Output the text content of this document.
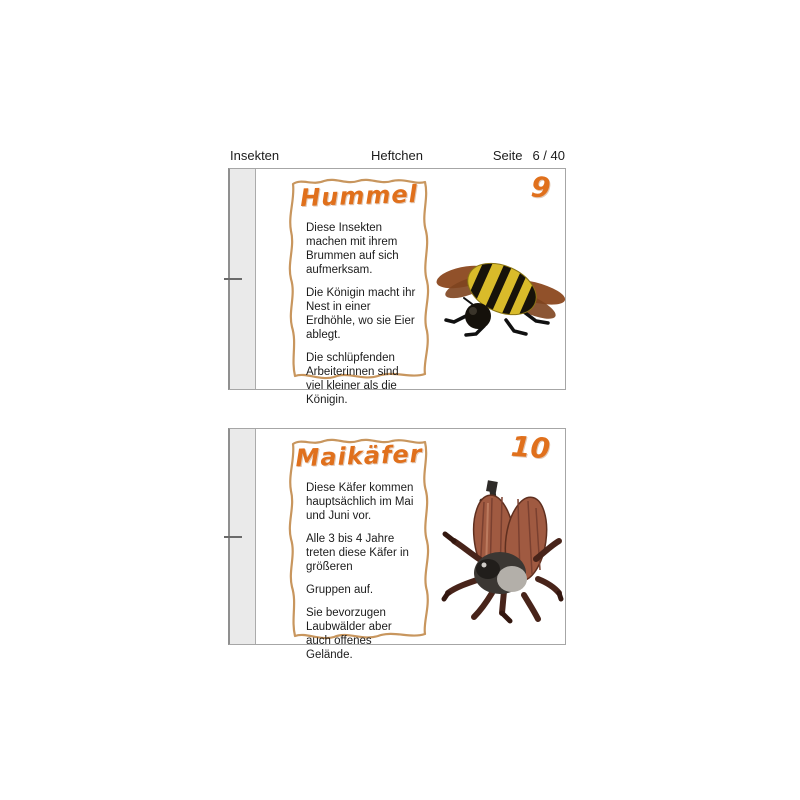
Insekten	Heftchen	Seite 6 / 40
Hummel

Diese Insekten machen mit ihrem Brummen auf sich aufmerksam.

Die Königin macht ihr Nest in einer Erdhöhle, wo sie Eier ablegt.

Die schlüpfenden Arbeiterinnen sind viel kleiner als die Königin.

9
Maikäfer

Diese Käfer kommen hauptsächlich im Mai und Juni vor.

Alle 3 bis 4 Jahre treten diese Käfer in größeren

Gruppen auf.

Sie bevorzugen Laubwälder aber auch offenes Gelände.

10
